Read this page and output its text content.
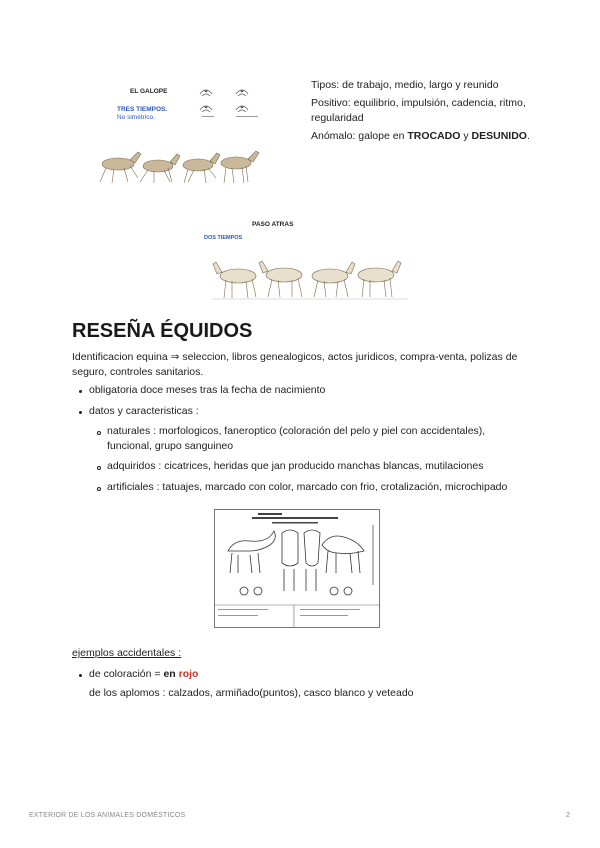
EL GALOPE
TRES TIEMPOS.
No simétrico.
Tipos: de trabajo, medio, largo y reunido
Positivo: equilibrio, impulsión, cadencia, ritmo, regularidad
Anómalo: galope en TROCADO y DESUNIDO.
PASO ATRAS
DOS TIEMPOS
RESEÑA ÉQUIDOS
Identificacion equina ⇒ seleccion, libros genealogicos, actos juridicos, compra-venta, polizas de seguro, controles sanitarios.
obligatoria doce meses tras la fecha de nacimiento
datos y caracteristicas :
naturales : morfologicos, faneroptico (coloración del pelo y piel con accidentales), funcional, grupo sanguineo
adquiridos : cicatrices, heridas que jan producido manchas blancas, mutilaciones
artificiales : tatuajes, marcado con color, marcado con frio, crotalización, microchipado
ejemplos accidentales :
de coloración = en rojo
de los aplomos : calzados, armiñado(puntos), casco blanco y veteado
EXTERIOR DE LOS ANIMALES DOMÉSTICOS	2
